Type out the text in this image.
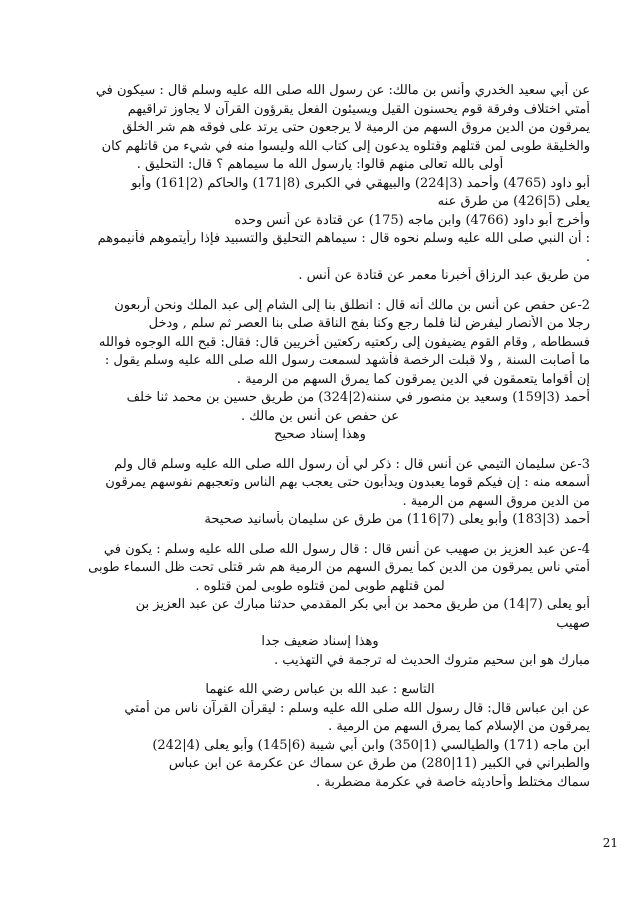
عن أبي سعيد الخدري وأنس بن مالك: عن رسول الله صلى الله عليه وسلم قال : سيكون في
أمتي اختلاف وفرقة قوم يحسنون القيل ويسيئون الفعل يقرؤون القرآن لا يجاوز تراقيهم
يمرقون من الدين مروق السهم من الرمية لا يرجعون حتى يرتد على فوقه هم شر الخلق
والخليقة طوبى لمن قتلهم وقتلوه يدعون إلى كتاب الله وليسوا منه في شيء من قاتلهم كان
أولى بالله تعالى منهم قالوا: يارسول الله ما سيماهم ؟ قال: التحليق .
أبو داود (4765) وأحمد (3|224) والبيهقي في الكبرى (8|171) والحاكم (2|161) وأبو
يعلى (5|426) من طرق عنه
وأخرج أبو داود (4766) وابن ماجه (175) عن قتادة عن أنس وحده
: أن النبي صلى الله عليه وسلم نحوه قال : سيماهم التحليق والتسبيد فإذا رأيتموهم فأنيموهم
.
من طريق عبد الرزاق أخبرنا معمر عن قتادة عن أنس .
2-عن حفص عن أنس بن مالك أنه قال : انطلق بنا إلى الشام إلى عبد الملك ونحن أربعون
رجلا من الأنصار ليفرض لنا فلما رجع وكنا بفج الناقة صلى بنا العصر ثم سلم , ودخل
فسطاطه , وقام القوم يضيفون إلى ركعتيه ركعتين أخريين قال: فقال: قبح الله الوجوه فوالله
ما أصابت السنة , ولا قبلت الرخصة فأشهد لسمعت رسول الله صلى الله عليه وسلم يقول :
إن أقواما يتعمقون في الدين يمرقون كما يمرق السهم من الرمية .
أحمد (3|159) وسعيد بن منصور في سننه(2|324) من طريق حسين بن محمد ثنا خلف
عن حفص عن أنس بن مالك .
وهذا إسناد صحيح
3-عن سليمان التيمي عن أنس قال : ذكر لي أن رسول الله صلى الله عليه وسلم قال ولم
أسمعه منه : إن فيكم قوما يعبدون ويدأبون حتى يعجب بهم الناس وتعجبهم نفوسهم يمرقون
من الدين مروق السهم من الرمية .
أحمد (3|183) وأبو يعلى (7|116) من طرق عن سليمان بأسانيد صحيحة
4-عن عبد العزيز بن صهيب عن أنس قال : قال رسول الله صلى الله عليه وسلم : يكون في
أمتي ناس يمرقون من الدين كما يمرق السهم من الرمية هم شر قتلى تحت ظل السماء طوبى
لمن قتلهم طوبى لمن قتلوه طوبى لمن قتلوه .
أبو يعلى (7|14) من طريق محمد بن أبي بكر المقدمي حدثنا مبارك عن عبد العزيز بن
صهيب
وهذا إسناد ضعيف جدا
مبارك هو ابن سحيم متروك الحديث له ترجمة في التهذيب .
التاسع : عبد الله بن عباس رضي الله عنهما
عن ابن عباس قال: قال رسول الله صلى الله عليه وسلم : ليقرأن القرآن ناس من أمتي
يمرقون من الإسلام كما يمرق السهم من الرمية .
ابن ماجه (171) والطيالسي (1|350) وابن أبي شيبة (6|145) وأبو يعلى (4|242)
والطبراني في الكبير (11|280) من طرق عن سماك عن عكرمة عن ابن عباس
سماك مختلط وأحاديثه خاصة في عكرمة مضطربة .
21
